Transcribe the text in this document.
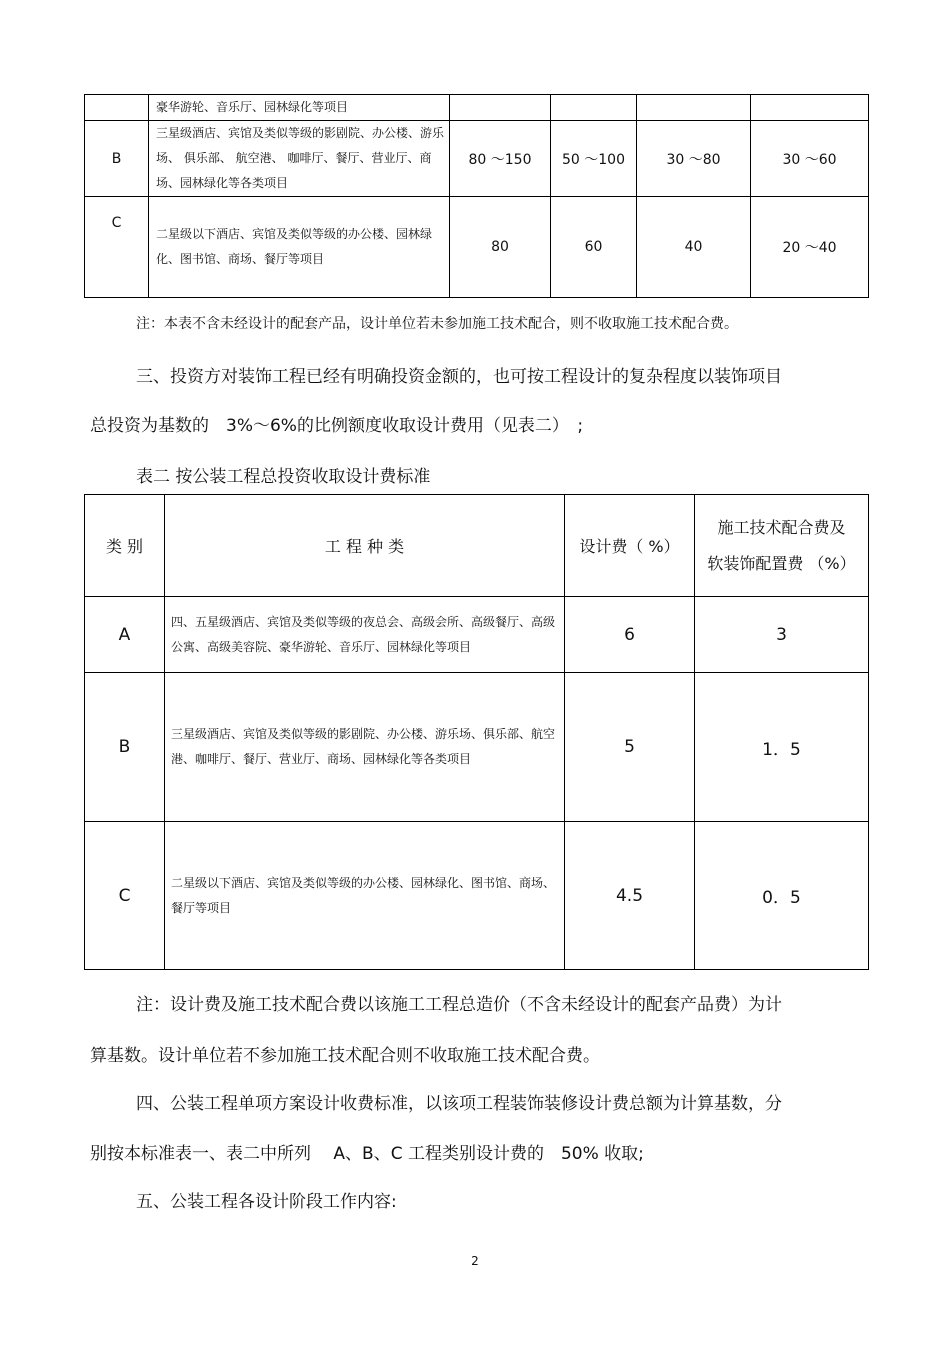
	豪华游轮、音乐厅、园林绿化等项目				
B	三星级酒店、宾馆及类似等级的影剧院、办公楼、游乐场、 俱乐部、 航空港、 咖啡厅、餐厅、营业厅、商场、园林绿化等各类项目	80 ～150	50 ～100	30 ～80	30 ～60
C	二星级以下酒店、宾馆及类似等级的办公楼、园林绿化、图书馆、商场、餐厅等项目	80	60	40	20 ～40
注：本表不含未经设计的配套产品，设计单位若未参加施工技术配合，则不收取施工技术配合费。
三、投资方对装饰工程已经有明确投资金额的，也可按工程设计的复杂程度以装饰项目
总投资为基数的　3%～6%的比例额度收取设计费用（见表二）　;
表二 按公装工程总投资收取设计费标准
类 别	工 程 种 类	设计费（ %）	施工技术配合费及
软装饰配置费 （%）

A	四、五星级酒店、宾馆及类似等级的夜总会、高级会所、高级餐厅、高级公寓、高级美容院、豪华游轮、音乐厅、园林绿化等项目	6	3
B	三星级酒店、宾馆及类似等级的影剧院、办公楼、游乐场、俱乐部、航空港、咖啡厅、餐厅、营业厅、商场、园林绿化等各类项目	5	1．5
C	二星级以下酒店、宾馆及类似等级的办公楼、园林绿化、图书馆、商场、餐厅等项目	4.5	0．5
注：设计费及施工技术配合费以该施工工程总造价（不含未经设计的配套产品费）为计
算基数。设计单位若不参加施工技术配合则不收取施工技术配合费。
四、公装工程单项方案设计收费标准，以该项工程装饰装修设计费总额为计算基数，分
别按本标准表一、表二中所列　 A、B、C 工程类别设计费的　50% 收取;
五、公装工程各设计阶段工作内容:
2
